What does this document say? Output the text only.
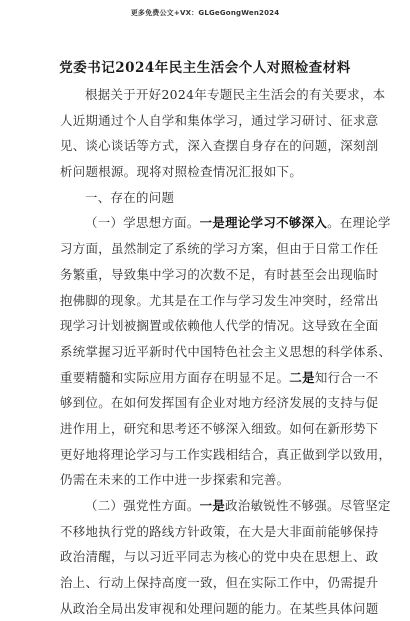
更多免费公文+VX：GLGeGongWen2024
党委书记2024年民主生活会个人对照检查材料
根据关于开好2024年专题民主生活会的有关要求，本
人近期通过个人自学和集体学习，通过学习研讨、征求意
见、谈心谈话等方式，深入查摆自身存在的问题，深刻剖
析问题根源。现将对照检查情况汇报如下。
一、存在的问题
（一）学思想方面。一是理论学习不够深入。在理论学
习方面，虽然制定了系统的学习方案，但由于日常工作任
务繁重，导致集中学习的次数不足，有时甚至会出现临时
抱佛脚的现象。尤其是在工作与学习发生冲突时，经常出
现学习计划被搁置或依赖他人代学的情况。这导致在全面
系统掌握习近平新时代中国特色社会主义思想的科学体系、
重要精髓和实际应用方面存在明显不足。二是知行合一不
够到位。在如何发挥国有企业对地方经济发展的支持与促
进作用上，研究和思考还不够深入细致。如何在新形势下
更好地将理论学习与工作实践相结合，真正做到学以致用，
仍需在未来的工作中进一步探索和完善。
（二）强党性方面。一是政治敏锐性不够强。尽管坚定
不移地执行党的路线方针政策，在大是大非面前能够保持
政治清醒，与以习近平同志为核心的党中央在思想上、政
治上、行动上保持高度一致，但在实际工作中，仍需提升
从政治全局出发审视和处理问题的能力。在某些具体问题
